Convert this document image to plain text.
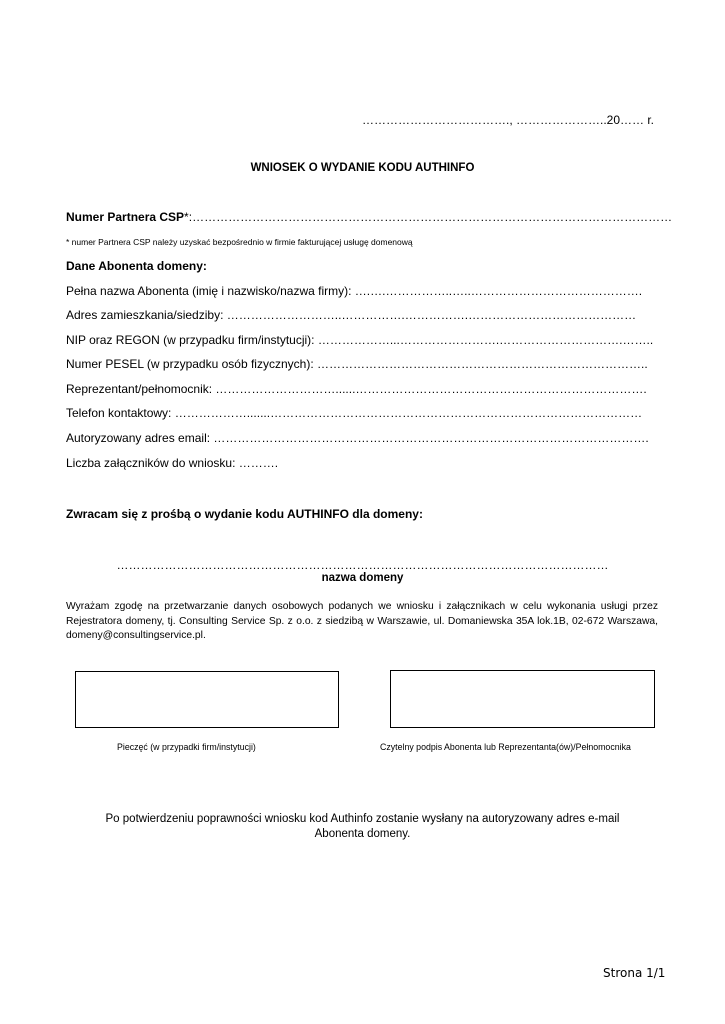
………………………………., …………………..20…… r.
WNIOSEK O WYDANIE KODU AUTHINFO
Numer Partnera CSP*:…………………………………………………………………………………………………………
* numer Partnera CSP należy uzyskać bezpośrednio w firmie fakturującej usługę domenową
Dane Abonenta domeny:
Pełna nazwa Abonenta (imię i nazwisko/nazwa firmy): ….….……………..…..…………………………………….
Adres zamieszkania/siedziby: ………………………..…………….…………….……………………………………
NIP oraz REGON (w przypadku firm/instytucji): ………………...…………………….………………………….……..
Numer PESEL (w przypadku osób fizycznych): ………………………………………………………………………..
Reprezentant/pełnomocnik: …………………………......……………………………………………………………….
Telefon kontaktowy: ……………….......…………………………………………………………………………………
Autoryzowany adres email: ……………………………………………………………………………………………….
Liczba załączników do wniosku: ……….
Zwracam się z prośbą o wydanie kodu AUTHINFO dla domeny:
……………………………………………………………………………………………………………
nazwa domeny
Wyrażam zgodę na przetwarzanie danych osobowych podanych we wniosku i załącznikach w celu wykonania usługi przez Rejestratora domeny, tj. Consulting Service Sp. z o.o. z siedzibą w Warszawie, ul. Domaniewska 35A lok.1B, 02-672 Warszawa, domeny@consultingservice.pl.
Pieczęć (w przypadki firm/instytucji)	Czytelny podpis Abonenta lub Reprezentanta(ów)/Pełnomocnika
Po potwierdzeniu poprawności wniosku kod Authinfo zostanie wysłany na autoryzowany adres e-mail
Abonenta domeny.
Strona 1/1
